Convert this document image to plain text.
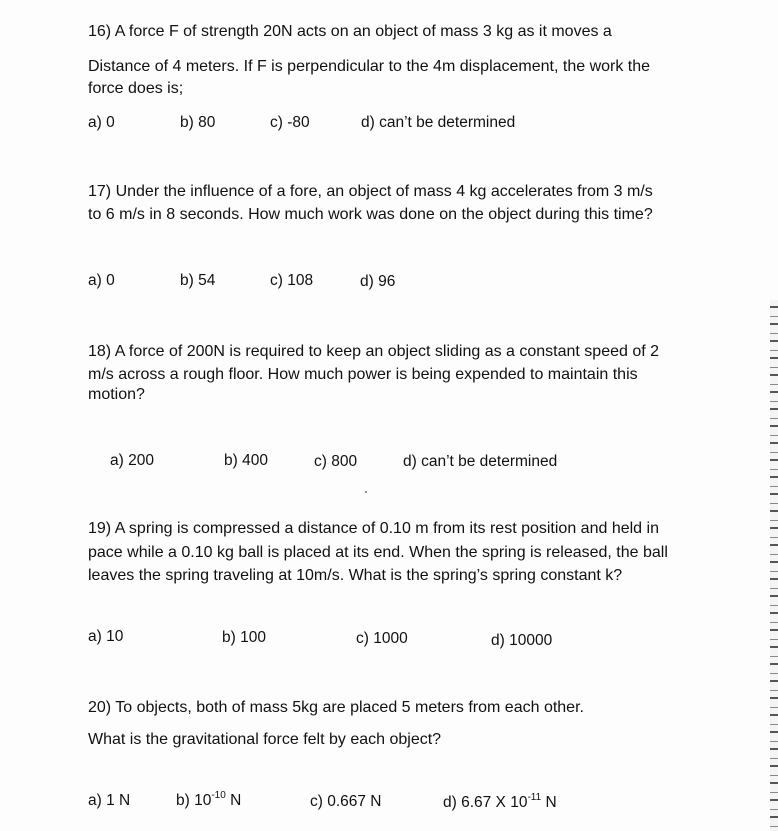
16) A force F of strength 20N acts on an object of mass 3 kg as it moves a
Distance of 4 meters. If F is perpendicular to the 4m displacement, the work the
force does is;
a) 0	b) 80	c) -80	d) can’t be determined
17) Under the influence of a fore, an object of mass 4 kg accelerates from 3 m/s
to 6 m/s in 8 seconds. How much work was done on the object during this time?
a) 0	b) 54	c) 108	d) 96
18) A force of 200N is required to keep an object sliding as a constant speed of 2
m/s across a rough floor. How much power is being expended to maintain this
motion?
a) 200	b) 400	c) 800	d) can’t be determined
19) A spring is compressed a distance of 0.10 m from its rest position and held in
pace while a 0.10 kg ball is placed at its end. When the spring is released, the ball
leaves the spring traveling at 10m/s. What is the spring’s spring constant k?
a) 10	b) 100	c) 1000	d) 10000
20) To objects, both of mass 5kg are placed 5 meters from each other.
What is the gravitational force felt by each object?
a) 1 N	b) $10^{-10}$ N	c) 0.667 N	d) 6.67 X $10^{-11}$ N
